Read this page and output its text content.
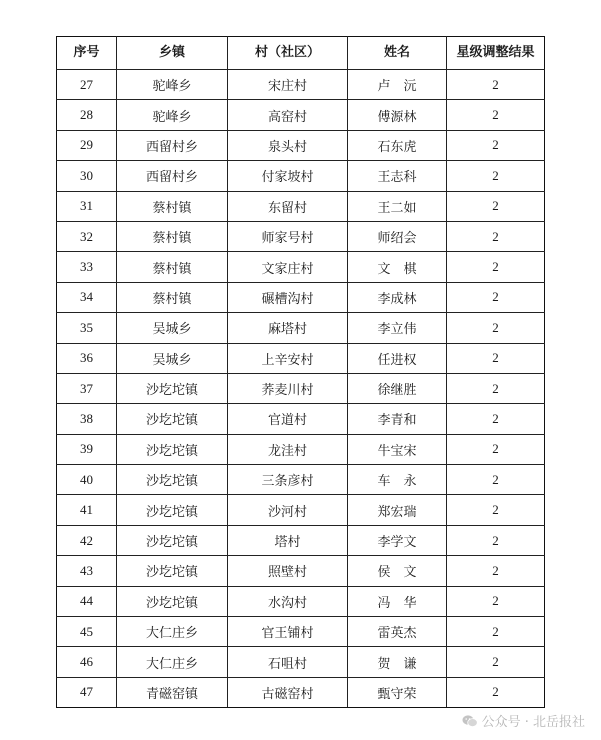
序号	乡镇	村（社区）	姓名	星级调整结果
27	驼峰乡	宋庄村	卢　沅	2
28	驼峰乡	高窑村	傅源林	2
29	西留村乡	泉头村	石东虎	2
30	西留村乡	付家坡村	王志科	2
31	蔡村镇	东留村	王二如	2
32	蔡村镇	师家号村	师绍会	2
33	蔡村镇	文家庄村	文　棋	2
34	蔡村镇	碾槽沟村	李成林	2
35	吴城乡	麻塔村	李立伟	2
36	吴城乡	上辛安村	任进权	2
37	沙圪坨镇	荞麦川村	徐继胜	2
38	沙圪坨镇	官道村	李青和	2
39	沙圪坨镇	龙洼村	牛宝宋	2
40	沙圪坨镇	三条彦村	车　永	2
41	沙圪坨镇	沙河村	郑宏瑞	2
42	沙圪坨镇	塔村	李学文	2
43	沙圪坨镇	照壁村	侯　文	2
44	沙圪坨镇	水沟村	冯　华	2
45	大仁庄乡	官王铺村	雷英杰	2
46	大仁庄乡	石咀村	贺　谦	2
47	青磁窑镇	古磁窑村	甄守荣	2
公众号 · 北岳报社
